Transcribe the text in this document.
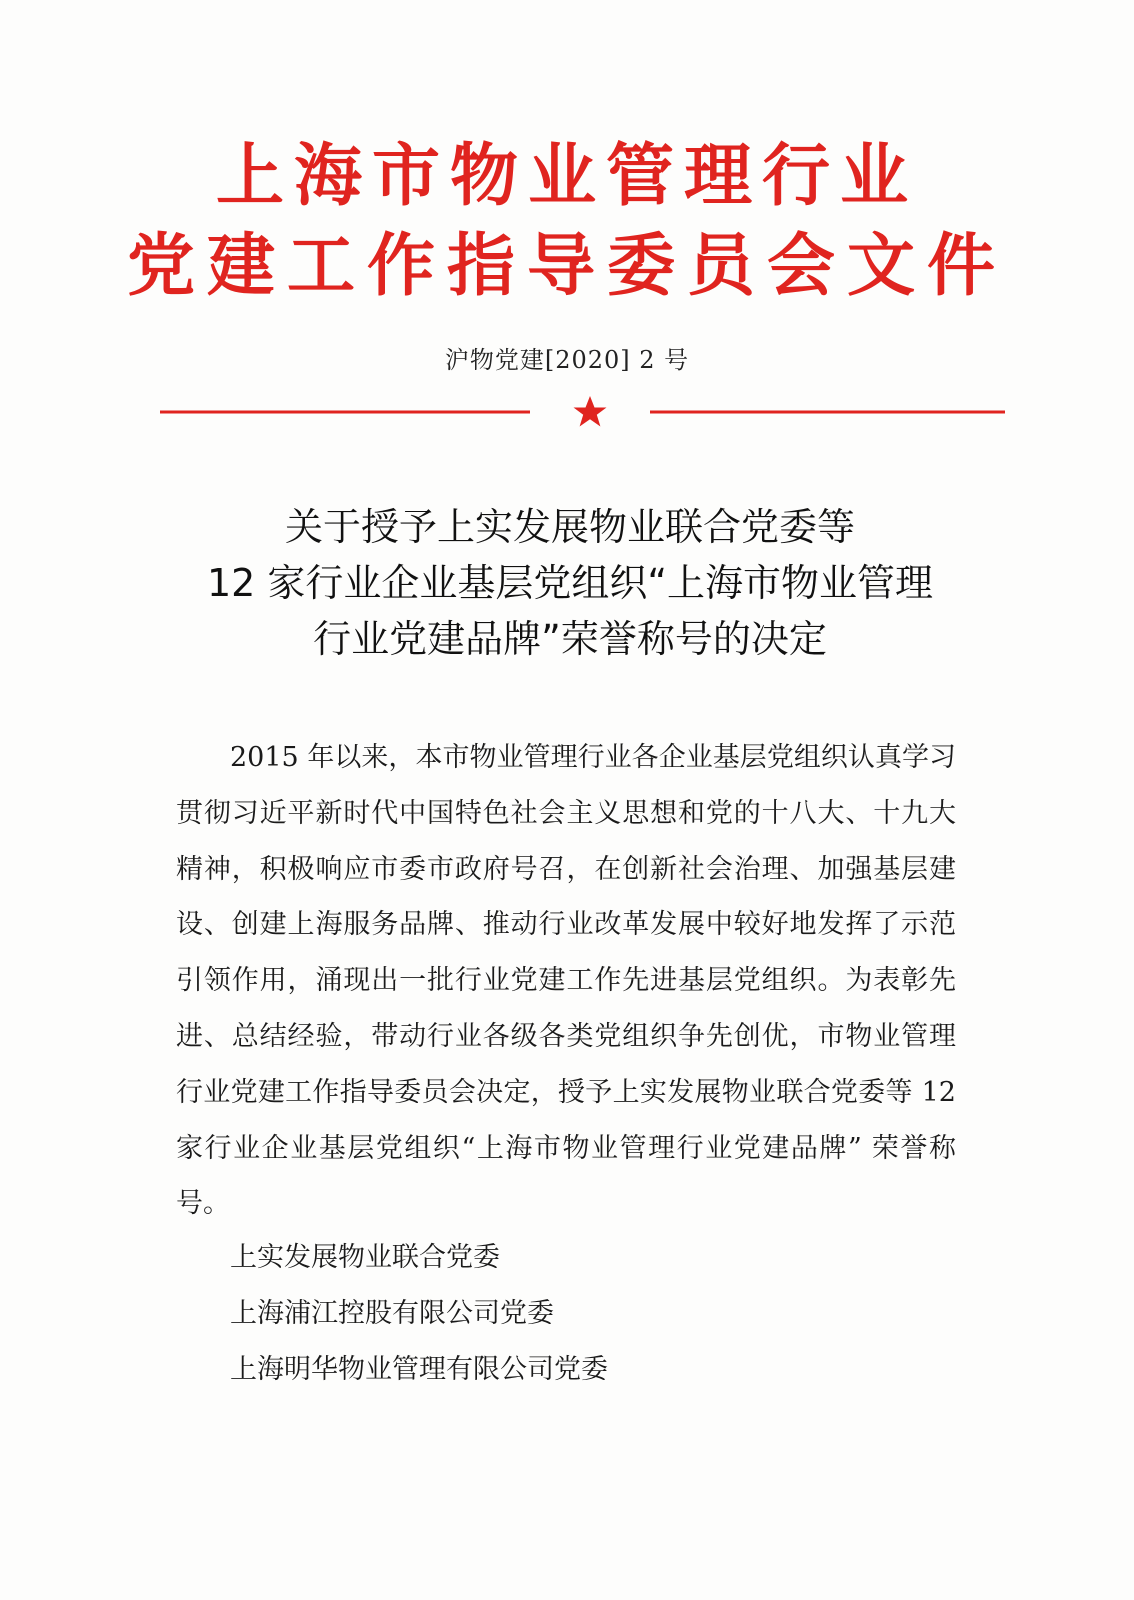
上海市物业管理行业
党建工作指导委员会文件
沪物党建[2020] 2 号
关于授予上实发展物业联合党委等
12 家行业企业基层党组织“上海市物业管理
行业党建品牌”荣誉称号的决定

2015 年以来，本市物业管理行业各企业基层党组织认真学习贯彻习近平新时代中国特色社会主义思想和党的十八大、十九大精神，积极响应市委市政府号召，在创新社会治理、加强基层建设、创建上海服务品牌、推动行业改革发展中较好地发挥了示范引领作用，涌现出一批行业党建工作先进基层党组织。为表彰先进、总结经验，带动行业各级各类党组织争先创优，市物业管理行业党建工作指导委员会决定，授予上实发展物业联合党委等 12 家行业企业基层党组织“上海市物业管理行业党建品牌” 荣誉称号。

上实发展物业联合党委
上海浦江控股有限公司党委
上海明华物业管理有限公司党委
